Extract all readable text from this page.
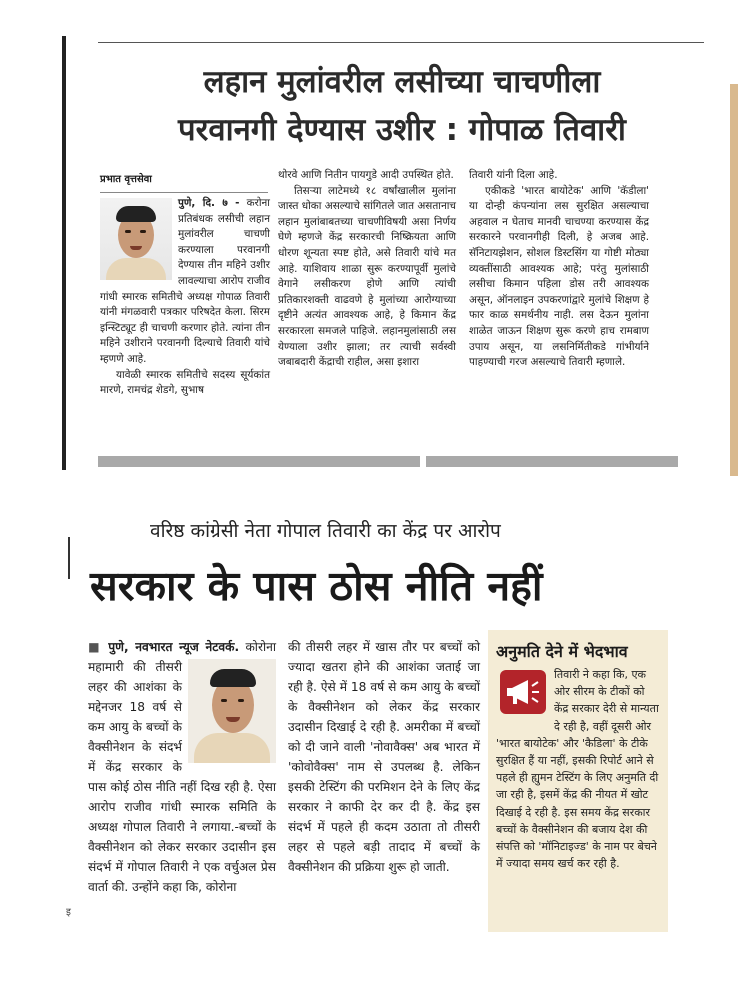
लहान मुलांवरील लसीच्या चाचणीला
परवानगी देण्यास उशीर : गोपाळ तिवारी
प्रभात वृत्तसेवा

पुणे, दि. ७ - करोना प्रतिबंधक लसीची लहान मुलांवरील चाचणी करण्याला परवानगी देण्यास तीन महिने उशीर लावल्याचा आरोप राजीव गांधी स्मारक समितीचे अध्यक्ष गोपाळ तिवारी यांनी मंगळवारी पत्रकार परिषदेत केला. सिरम इन्स्टिट्यूट ही चाचणी करणार होते. त्यांना तीन महिने उशीराने परवानगी दिल्याचे तिवारी यांचे म्हणणे आहे.

यावेळी स्मारक समितीचे सदस्य सूर्यकांत मारणे, रामचंद्र शेडगे, सुभाष

थोरवे आणि नितीन पायगुडे आदी उपस्थित होते.

तिसऱ्या लाटेमध्ये १८ वर्षांखालील मुलांना जास्त धोका असल्याचे सांगितले जात असतानाच लहान मुलांबाबतच्या चाचणीविषयी असा निर्णय घेणे म्हणजे केंद्र सरकारची निष्क्रियता आणि धोरण शून्यता स्पष्ट होते, असे तिवारी यांचे मत आहे. याशिवाय शाळा सुरू करण्यापूर्वी मुलांचे वेगाने लसीकरण होणे आणि त्यांची प्रतिकारशक्ती वाढवणे हे मुलांच्या आरोग्याच्या दृष्टीने अत्यंत आवश्यक आहे, हे किमान केंद्र सरकारला समजले पाहिजे. लहानमुलांसाठी लस येण्याला उशीर झाला; तर त्याची सर्वस्वी जबाबदारी केंद्राची राहील, असा इशारा

तिवारी यांनी दिला आहे.

एकीकडे 'भारत बायोटेक' आणि 'कॅडीला' या दोन्ही कंपन्यांना लस सुरक्षित असल्याचा अहवाल न घेताच मानवी चाचण्या करण्यास केंद्र सरकारने परवानगीही दिली, हे अजब आहे. सॅनिटायझेशन, सोशल डिस्टसिंग या गोष्टी मोठ्या व्यक्तींसाठी आवश्यक आहे; परंतु मुलांसाठी लसीचा किमान पहिला डोस तरी आवश्यक असून, ऑनलाइन उपकरणांद्वारे मुलांचे शिक्षण हे फार काळ समर्थनीय नाही. लस देऊन मुलांना शाळेत जाऊन शिक्षण सुरू करणे हाच रामबाण उपाय असून, या लसनिर्मितीकडे गांभीर्याने पाहण्याची गरज असल्याचे तिवारी म्हणाले.

वरिष्ठ कांग्रेसी नेता गोपाल तिवारी का केंद्र पर आरोप
सरकार के पास ठोस नीति नहीं
■ पुणे, नवभारत न्यूज नेटवर्क. कोरोना महामारी की तीसरी लहर की आशंका के मद्देनजर 18 वर्ष से कम आयु के बच्चों के वैक्सीनेशन के संदर्भ में केंद्र सरकार के पास कोई ठोस नीति नहीं दिख रही है. ऐसा आरोप राजीव गांधी स्मारक समिति के अध्यक्ष गोपाल तिवारी ने लगाया.-बच्चों के वैक्सीनेशन को लेकर सरकार उदासीन इस संदर्भ में गोपाल तिवारी ने एक वर्चुअल प्रेस वार्ता की. उन्होंने कहा कि, कोरोना
की तीसरी लहर में खास तौर पर बच्चों को ज्यादा खतरा होने की आशंका जताई जा रही है. ऐसे में 18 वर्ष से कम आयु के बच्चों के वैक्सीनेशन को लेकर केंद्र सरकार उदासीन दिखाई दे रही है. अमरीका में बच्चों को दी जाने वाली 'नोवावैक्स' अब भारत में 'कोवोवैक्स' नाम से उपलब्ध है. लेकिन इसकी टेस्टिंग की परमिशन देने के लिए केंद्र सरकार ने काफी देर कर दी है. केंद्र इस संदर्भ में पहले ही कदम उठाता तो तीसरी लहर से पहले बड़ी तादाद में बच्चों के वैक्सीनेशन की प्रक्रिया शुरू हो जाती.
अनुमति देने में भेदभाव
तिवारी ने कहा कि, एक ओर सीरम के टीकों को केंद्र सरकार देरी से मान्यता दे रही है, वहीं दूसरी ओर 'भारत बायोटेक' और 'कैडिला' के टीके सुरक्षित हैं या नहीं, इसकी रिपोर्ट आने से पहले ही ह्युमन टेस्टिंग के लिए अनुमति दी जा रही है, इसमें केंद्र की नीयत में खोट दिखाई दे रही है. इस समय केंद्र सरकार बच्चों के वैक्सीनेशन की बजाय देश की संपत्ति को 'मॉनिटाइज्ड' के नाम पर बेचने में ज्यादा समय खर्च कर रही है.
इ
